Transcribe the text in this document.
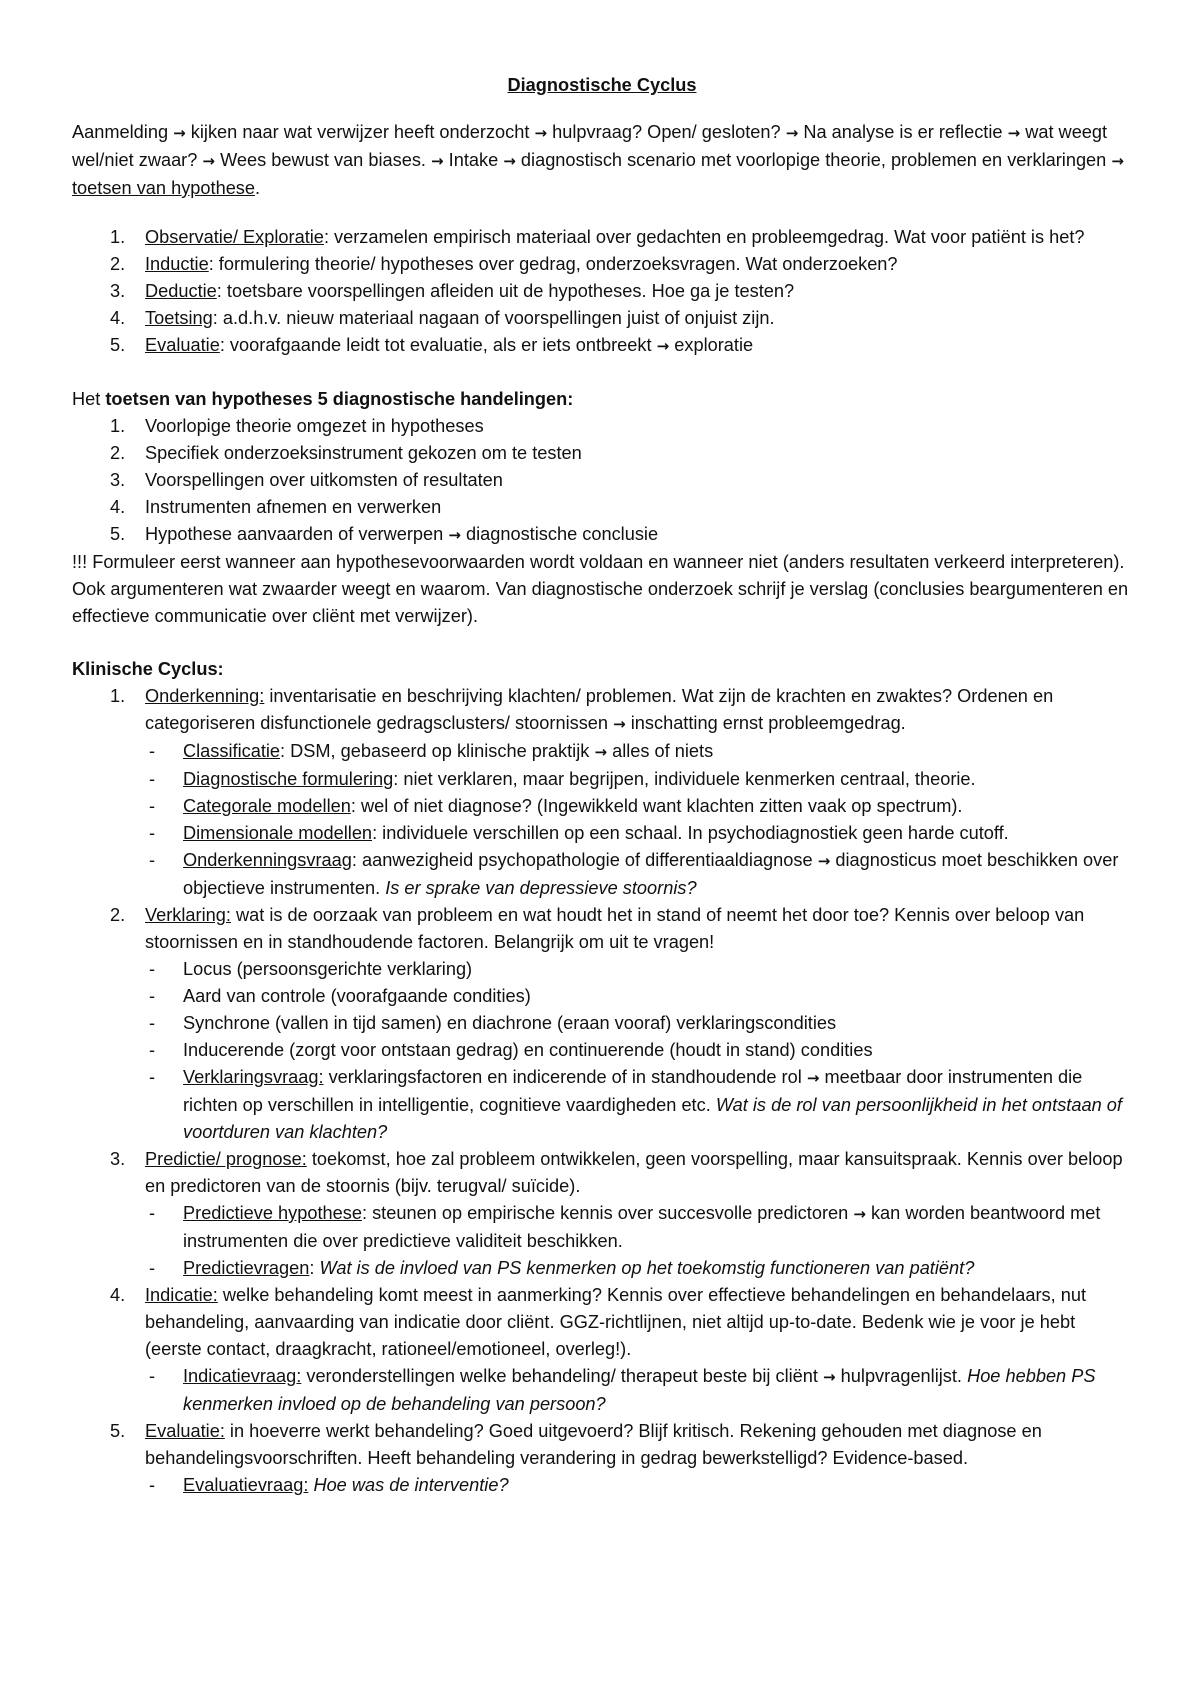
Diagnostische Cyclus

Aanmelding → kijken naar wat verwijzer heeft onderzocht → hulpvraag? Open/ gesloten? → Na analyse is er reflectie → wat weegt wel/niet zwaar? → Wees bewust van biases. → Intake → diagnostisch scenario met voorlopige theorie, problemen en verklaringen → toetsen van hypothese.

1. Observatie/ Exploratie: verzamelen empirisch materiaal over gedachten en probleemgedrag. Wat voor patiënt is het?
2. Inductie: formulering theorie/ hypotheses over gedrag, onderzoeksvragen. Wat onderzoeken?
3. Deductie: toetsbare voorspellingen afleiden uit de hypotheses. Hoe ga je testen?
4. Toetsing: a.d.h.v. nieuw materiaal nagaan of voorspellingen juist of onjuist zijn.
5. Evaluatie: voorafgaande leidt tot evaluatie, als er iets ontbreekt → exploratie

Het toetsen van hypotheses 5 diagnostische handelingen:

1. Voorlopige theorie omgezet in hypotheses
2. Specifiek onderzoeksinstrument gekozen om te testen
3. Voorspellingen over uitkomsten of resultaten
4. Instrumenten afnemen en verwerken
5. Hypothese aanvaarden of verwerpen → diagnostische conclusie

!!! Formuleer eerst wanneer aan hypothesevoorwaarden wordt voldaan en wanneer niet (anders resultaten verkeerd interpreteren). Ook argumenteren wat zwaarder weegt en waarom. Van diagnostische onderzoek schrijf je verslag (conclusies beargumenteren en effectieve communicatie over cliënt met verwijzer).

Klinische Cyclus:

1. Onderkenning: inventarisatie en beschrijving klachten/ problemen. Wat zijn de krachten en zwaktes? Ordenen en categoriseren disfunctionele gedragsclusters/ stoornissen → inschatting ernst probleemgedrag.
- Classificatie: DSM, gebaseerd op klinische praktijk → alles of niets
- Diagnostische formulering: niet verklaren, maar begrijpen, individuele kenmerken centraal, theorie.
- Categorale modellen: wel of niet diagnose? (Ingewikkeld want klachten zitten vaak op spectrum).
- Dimensionale modellen: individuele verschillen op een schaal. In psychodiagnostiek geen harde cutoff.
- Onderkenningsvraag: aanwezigheid psychopathologie of differentiaaldiagnose → diagnosticus moet beschikken over objectieve instrumenten. Is er sprake van depressieve stoornis?
2. Verklaring: wat is de oorzaak van probleem en wat houdt het in stand of neemt het door toe? Kennis over beloop van stoornissen en in standhoudende factoren. Belangrijk om uit te vragen!
- Locus (persoonsgerichte verklaring)
- Aard van controle (voorafgaande condities)
- Synchrone (vallen in tijd samen) en diachrone (eraan vooraf) verklaringscondities
- Inducerende (zorgt voor ontstaan gedrag) en continuerende (houdt in stand) condities
- Verklaringsvraag: verklaringsfactoren en indicerende of in standhoudende rol → meetbaar door instrumenten die richten op verschillen in intelligentie, cognitieve vaardigheden etc. Wat is de rol van persoonlijkheid in het ontstaan of voortduren van klachten?
3. Predictie/ prognose: toekomst, hoe zal probleem ontwikkelen, geen voorspelling, maar kansuitspraak. Kennis over beloop en predictoren van de stoornis (bijv. terugval/ suïcide).
- Predictieve hypothese: steunen op empirische kennis over succesvolle predictoren → kan worden beantwoord met instrumenten die over predictieve validiteit beschikken.
- Predictievragen: Wat is de invloed van PS kenmerken op het toekomstig functioneren van patiënt?
4. Indicatie: welke behandeling komt meest in aanmerking? Kennis over effectieve behandelingen en behandelaars, nut behandeling, aanvaarding van indicatie door cliënt. GGZ-richtlijnen, niet altijd up-to-date. Bedenk wie je voor je hebt (eerste contact, draagkracht, rationeel/emotioneel, overleg!).
- Indicatievraag: veronderstellingen welke behandeling/ therapeut beste bij cliënt → hulpvragenlijst. Hoe hebben PS kenmerken invloed op de behandeling van persoon?
5. Evaluatie: in hoeverre werkt behandeling? Goed uitgevoerd? Blijf kritisch. Rekening gehouden met diagnose en behandelingsvoorschriften. Heeft behandeling verandering in gedrag bewerkstelligd? Evidence-based.
- Evaluatievraag: Hoe was de interventie?
